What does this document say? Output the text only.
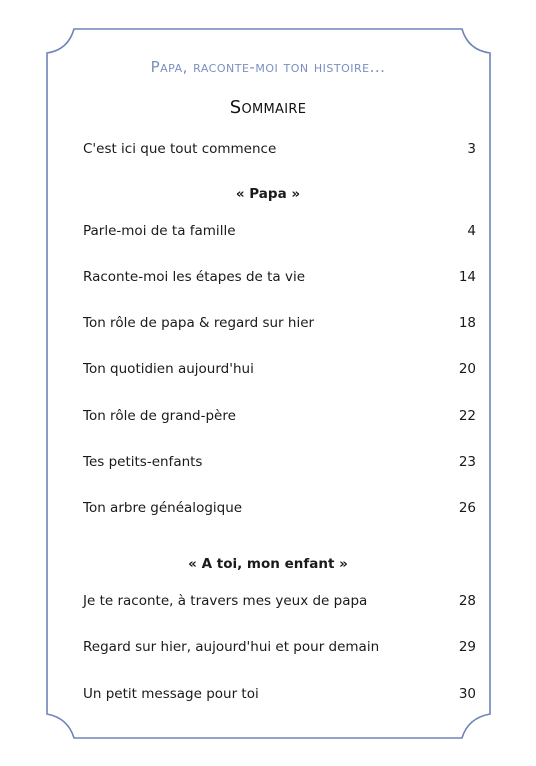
Papa, raconte-moi ton histoire...
Sommaire
C'est ici que tout commence	3
« Papa »
Parle-moi de ta famille	4
Raconte-moi les étapes de ta vie	14
Ton rôle de papa & regard sur hier	18
Ton quotidien aujourd'hui	20
Ton rôle de grand-père	22
Tes petits-enfants	23
Ton arbre généalogique	26
« A toi, mon enfant »
Je te raconte, à travers mes yeux de papa	28
Regard sur hier, aujourd'hui et pour demain	29
Un petit message pour toi	30
